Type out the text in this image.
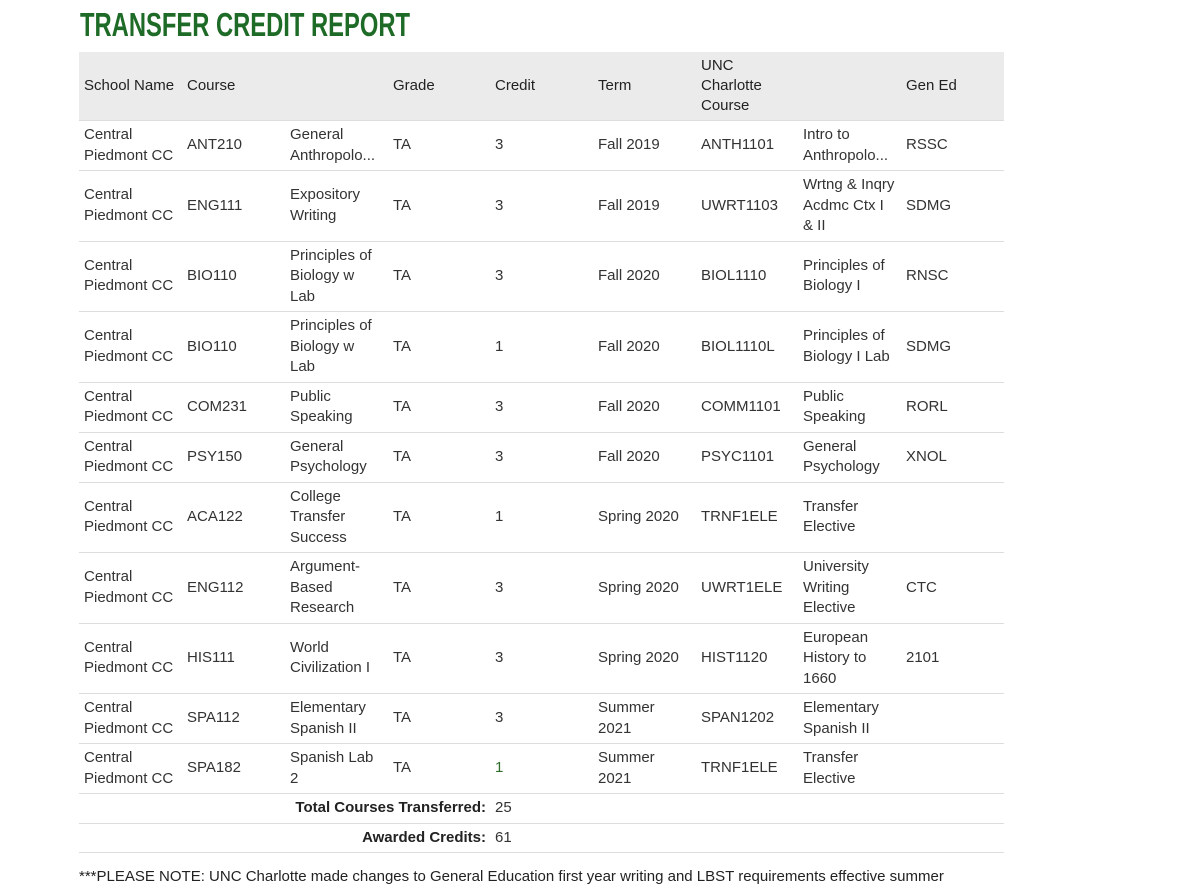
TRANSFER CREDIT REPORT
School Name	Course		Grade	Credit	Term	UNC Charlotte Course		Gen Ed
Central Piedmont CC	ANT210	General Anthropolo...	TA	3	Fall 2019	ANTH1101	Intro to Anthropolo...	RSSC
Central Piedmont CC	ENG111	Expository Writing	TA	3	Fall 2019	UWRT1103	Wrtng & Inqry Acdmc Ctx I & II	SDMG
Central Piedmont CC	BIO110	Principles of Biology w Lab	TA	3	Fall 2020	BIOL1110	Principles of Biology I	RNSC
Central Piedmont CC	BIO110	Principles of Biology w Lab	TA	1	Fall 2020	BIOL1110L	Principles of Biology I Lab	SDMG
Central Piedmont CC	COM231	Public Speaking	TA	3	Fall 2020	COMM1101	Public Speaking	RORL
Central Piedmont CC	PSY150	General Psychology	TA	3	Fall 2020	PSYC1101	General Psychology	XNOL
Central Piedmont CC	ACA122	College Transfer Success	TA	1	Spring 2020	TRNF1ELE	Transfer Elective	
Central Piedmont CC	ENG112	Argument-Based Research	TA	3	Spring 2020	UWRT1ELE	University Writing Elective	CTC
Central Piedmont CC	HIS111	World Civilization I	TA	3	Spring 2020	HIST1120	European History to 1660	2101
Central Piedmont CC	SPA112	Elementary Spanish II	TA	3	Summer 2021	SPAN1202	Elementary Spanish II	
Central Piedmont CC	SPA182	Spanish Lab 2	TA	1	Summer 2021	TRNF1ELE	Transfer Elective	
Total Courses Transferred:				25				
Awarded Credits:				61				
***PLEASE NOTE: UNC Charlotte made changes to General Education first year writing and LBST requirements effective summer
